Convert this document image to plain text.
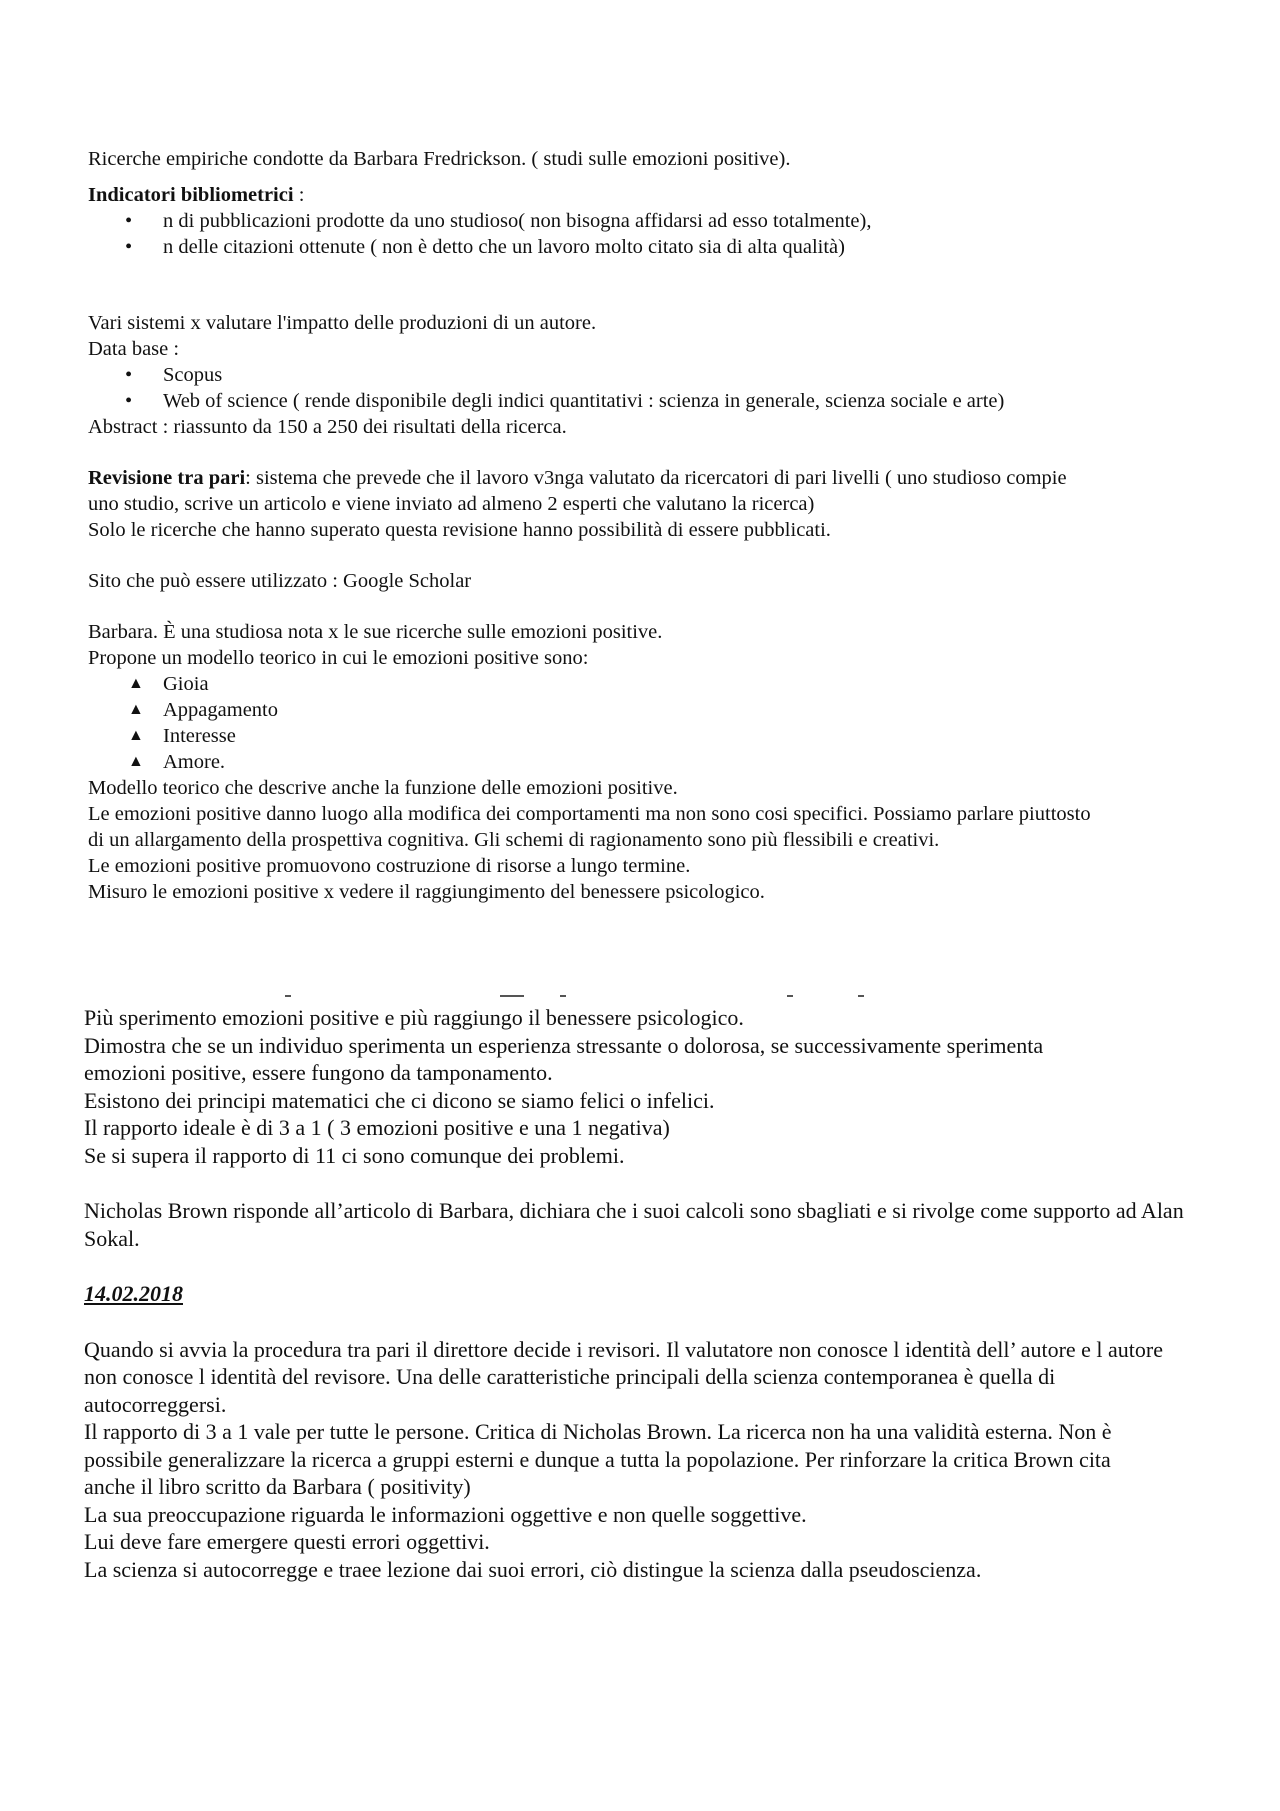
Ricerche empiriche condotte da Barbara Fredrickson. ( studi sulle emozioni positive).

Indicatori bibliometrici :

• n di pubblicazioni prodotte da uno studioso( non bisogna affidarsi ad esso totalmente),
• n delle citazioni ottenute ( non è detto che un lavoro molto citato sia di alta qualità)

Vari sistemi x valutare l'impatto delle produzioni di un autore.

Data base :

• Scopus
• Web of science ( rende disponibile degli indici quantitativi : scienza in generale, scienza sociale e arte)

Abstract : riassunto da 150 a 250 dei risultati della ricerca.

Revisione tra pari: sistema che prevede che il lavoro v3nga valutato da ricercatori di pari livelli ( uno studioso compie uno studio, scrive un articolo e viene inviato ad almeno 2 esperti che valutano la ricerca)

Solo le ricerche che hanno superato questa revisione hanno possibilità di essere pubblicati.

Sito che può essere utilizzato : Google Scholar

Barbara. È una studiosa nota x le sue ricerche sulle emozioni positive.

Propone un modello teorico in cui le emozioni positive sono:

▲ Gioia
▲ Appagamento
▲ Interesse
▲ Amore.

Modello teorico che descrive anche la funzione delle emozioni positive.

Le emozioni positive danno luogo alla modifica dei comportamenti ma non sono cosi specifici. Possiamo parlare piuttosto di un allargamento della prospettiva cognitiva. Gli schemi di ragionamento sono più flessibili e creativi.

Le emozioni positive promuovono costruzione di risorse a lungo termine.

Misuro le emozioni positive x vedere il raggiungimento del benessere psicologico.

Più sperimento emozioni positive e più raggiungo il benessere psicologico.

Dimostra che se un individuo sperimenta un esperienza stressante o dolorosa, se successivamente sperimenta emozioni positive, essere fungono da tamponamento.

Esistono dei principi matematici che ci dicono se siamo felici o infelici.

Il rapporto ideale è di 3 a 1 ( 3 emozioni positive e una 1 negativa)

Se si supera il rapporto di 11 ci sono comunque dei problemi.

Nicholas Brown risponde all’articolo di Barbara, dichiara che i suoi calcoli sono sbagliati e si rivolge come supporto ad Alan Sokal.

14.02.2018

Quando si avvia la procedura tra pari il direttore decide i revisori. Il valutatore non conosce l identità dell’ autore e l autore non conosce l identità del revisore. Una delle caratteristiche principali della scienza contemporanea è quella di autocorreggersi.

Il rapporto di 3 a 1 vale per tutte le persone. Critica di Nicholas Brown. La ricerca non ha una validità esterna. Non è possibile generalizzare la ricerca a gruppi esterni e dunque a tutta la popolazione. Per rinforzare la critica Brown cita anche il libro scritto da Barbara ( positivity)

La sua preoccupazione riguarda le informazioni oggettive e non quelle soggettive.

Lui deve fare emergere questi errori oggettivi.

La scienza si autocorregge e traee lezione dai suoi errori, ciò distingue la scienza dalla pseudoscienza.
